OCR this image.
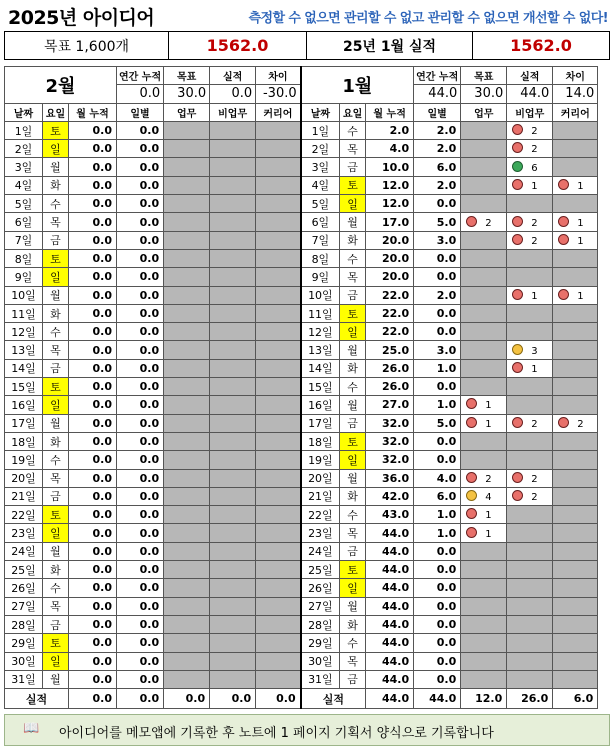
2025년 아이디어	측정할 수 없으면 관리할 수 없고 관리할 수 없으면 개선할 수 없다!
목표 1,600개	1562.0	25년 1월 실적	1562.0
2월			연간 누적	목표	실적	차이	1월			연간 누적	목표	실적	차이
			0.0	30.0	0.0	-30.0				44.0	30.0	44.0	14.0
날짜	요일	월 누적	일별	업무	비업무	커리어	날짜	요일	월 누적	일별	업무	비업무	커리어
1일	토	0.0	0.0				1일	수	2.0	2.0		2	
2일	일	0.0	0.0				2일	목	4.0	2.0		2	
3일	월	0.0	0.0				3일	금	10.0	6.0		6	
4일	화	0.0	0.0				4일	토	12.0	2.0		1	1
5일	수	0.0	0.0				5일	일	12.0	0.0			
6일	목	0.0	0.0				6일	월	17.0	5.0	2	2	1
7일	금	0.0	0.0				7일	화	20.0	3.0		2	1
8일	토	0.0	0.0				8일	수	20.0	0.0			
9일	일	0.0	0.0				9일	목	20.0	0.0			
10일	월	0.0	0.0				10일	금	22.0	2.0		1	1
11일	화	0.0	0.0				11일	토	22.0	0.0			
12일	수	0.0	0.0				12일	일	22.0	0.0			
13일	목	0.0	0.0				13일	월	25.0	3.0		3	
14일	금	0.0	0.0				14일	화	26.0	1.0		1	
15일	토	0.0	0.0				15일	수	26.0	0.0			
16일	일	0.0	0.0				16일	월	27.0	1.0	1		
17일	월	0.0	0.0				17일	금	32.0	5.0	1	2	2
18일	화	0.0	0.0				18일	토	32.0	0.0			
19일	수	0.0	0.0				19일	일	32.0	0.0			
20일	목	0.0	0.0				20일	월	36.0	4.0	2	2	
21일	금	0.0	0.0				21일	화	42.0	6.0	4	2	
22일	토	0.0	0.0				22일	수	43.0	1.0	1		
23일	일	0.0	0.0				23일	목	44.0	1.0	1		
24일	월	0.0	0.0				24일	금	44.0	0.0			
25일	화	0.0	0.0				25일	토	44.0	0.0			
26일	수	0.0	0.0				26일	일	44.0	0.0			
27일	목	0.0	0.0				27일	월	44.0	0.0			
28일	금	0.0	0.0				28일	화	44.0	0.0			
29일	토	0.0	0.0				29일	수	44.0	0.0			
30일	일	0.0	0.0				30일	목	44.0	0.0			
31일	월	0.0	0.0				31일	금	44.0	0.0			
실적		0.0	0.0	0.0	0.0	0.0	실적		44.0	44.0	12.0	26.0	6.0
📖 아이디어를 메모앱에 기록한 후 노트에 1 페이지 기획서 양식으로 기록합니다
